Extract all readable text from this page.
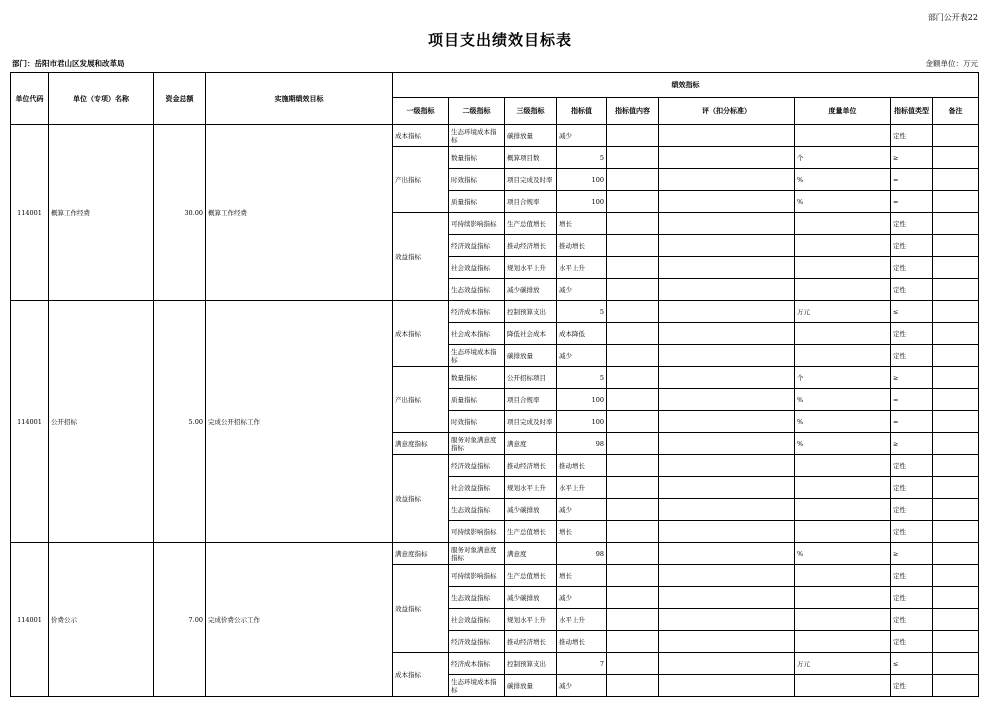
部门公开表22
项目支出绩效目标表
部门：岳阳市君山区发展和改革局	金额单位：万元
单位代码	单位（专项）名称	资金总额	实施期绩效目标	绩效指标								
				一级指标	二级指标	三级指标	指标值	指标值内容	评（扣分标准）	度量单位	指标值类型	备注
114001	概算工作经费	30.00	概算工作经费	成本指标	生态环境成本指标	碳排放量	减少				定性	
				产出指标	数量指标	概算项目数	5			个	≥	
					时效指标	项目完成及时率	100			%	=	
					质量指标	项目合规率	100			%	=	
				效益指标	可持续影响指标	生产总值增长	增长				定性	
					经济效益指标	推动经济增长	推动增长				定性	
					社会效益指标	规划水平上升	水平上升				定性	
					生态效益指标	减少碳排放	减少				定性	
114001	公开招标	5.00	完成公开招标工作	成本指标	经济成本指标	控制预算支出	5			万元	≤	
					社会成本指标	降低社会成本	成本降低				定性	
					生态环境成本指标	碳排放量	减少				定性	
				产出指标	数量指标	公开招标项目	5			个	≥	
					质量指标	项目合规率	100			%	=	
					时效指标	项目完成及时率	100			%	=	
				满意度指标	服务对象满意度指标	满意度	98			%	≥	
				效益指标	经济效益指标	推动经济增长	推动增长				定性	
					社会效益指标	规划水平上升	水平上升				定性	
					生态效益指标	减少碳排放	减少				定性	
					可持续影响指标	生产总值增长	增长				定性	
114001	价费公示	7.00	完成价费公示工作	满意度指标	服务对象满意度指标	满意度	98			%	≥	
				效益指标	可持续影响指标	生产总值增长	增长				定性	
					生态效益指标	减少碳排放	减少				定性	
					社会效益指标	规划水平上升	水平上升				定性	
					经济效益指标	推动经济增长	推动增长				定性	
				成本指标	经济成本指标	控制预算支出	7			万元	≤	
					生态环境成本指标	碳排放量	减少				定性	
